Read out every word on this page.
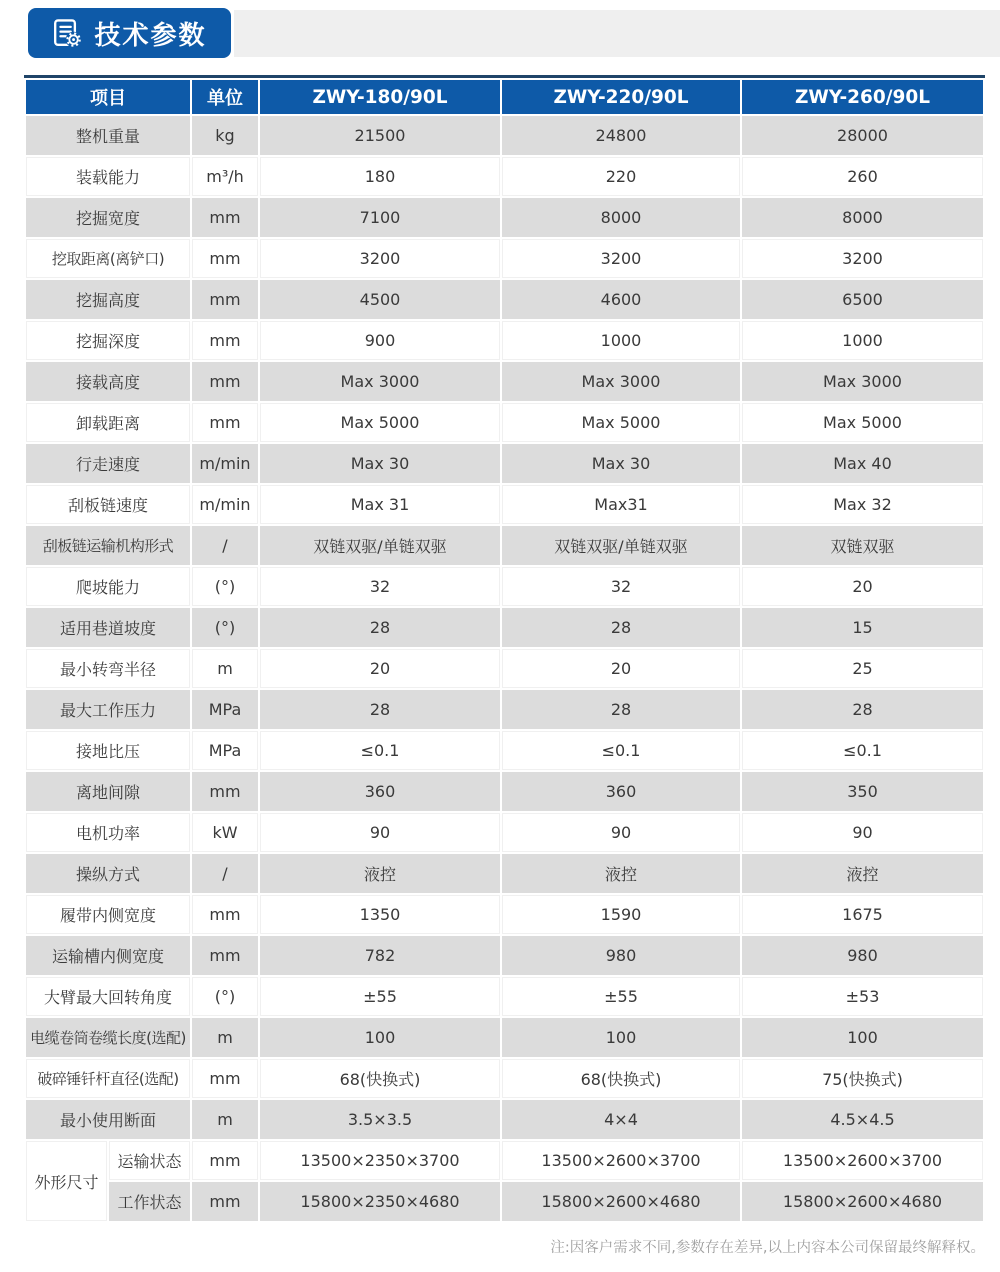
技术参数
项目		单位	ZWY-180/90L	ZWY-220/90L	ZWY-260/90L
整机重量		kg	21500	24800	28000
装载能力		m³/h	180	220	260
挖掘宽度		mm	7100	8000	8000
挖取距离(离铲口)		mm	3200	3200	3200
挖掘高度		mm	4500	4600	6500
挖掘深度		mm	900	1000	1000
接载高度		mm	Max 3000	Max 3000	Max 3000
卸载距离		mm	Max 5000	Max 5000	Max 5000
行走速度		m/min	Max 30	Max 30	Max 40
刮板链速度		m/min	Max 31	Max31	Max 32
刮板链运输机构形式		/	双链双驱/单链双驱	双链双驱/单链双驱	双链双驱
爬坡能力		(°)	32	32	20
适用巷道坡度		(°)	28	28	15
最小转弯半径		m	20	20	25
最大工作压力		MPa	28	28	28
接地比压		MPa	≤0.1	≤0.1	≤0.1
离地间隙		mm	360	360	350
电机功率		kW	90	90	90
操纵方式		/	液控	液控	液控
履带内侧宽度		mm	1350	1590	1675
运输槽内侧宽度		mm	782	980	980
大臂最大回转角度		(°)	±55	±55	±53
电缆卷筒卷缆长度(选配)		m	100	100	100
破碎锤钎杆直径(选配)		mm	68(快换式)	68(快换式)	75(快换式)
最小使用断面		m	3.5×3.5	4×4	4.5×4.5
外形尺寸	运输状态	mm	13500×2350×3700	13500×2600×3700	13500×2600×3700
	工作状态	mm	15800×2350×4680	15800×2600×4680	15800×2600×4680
注:因客户需求不同,参数存在差异,以上内容本公司保留最终解释权。
